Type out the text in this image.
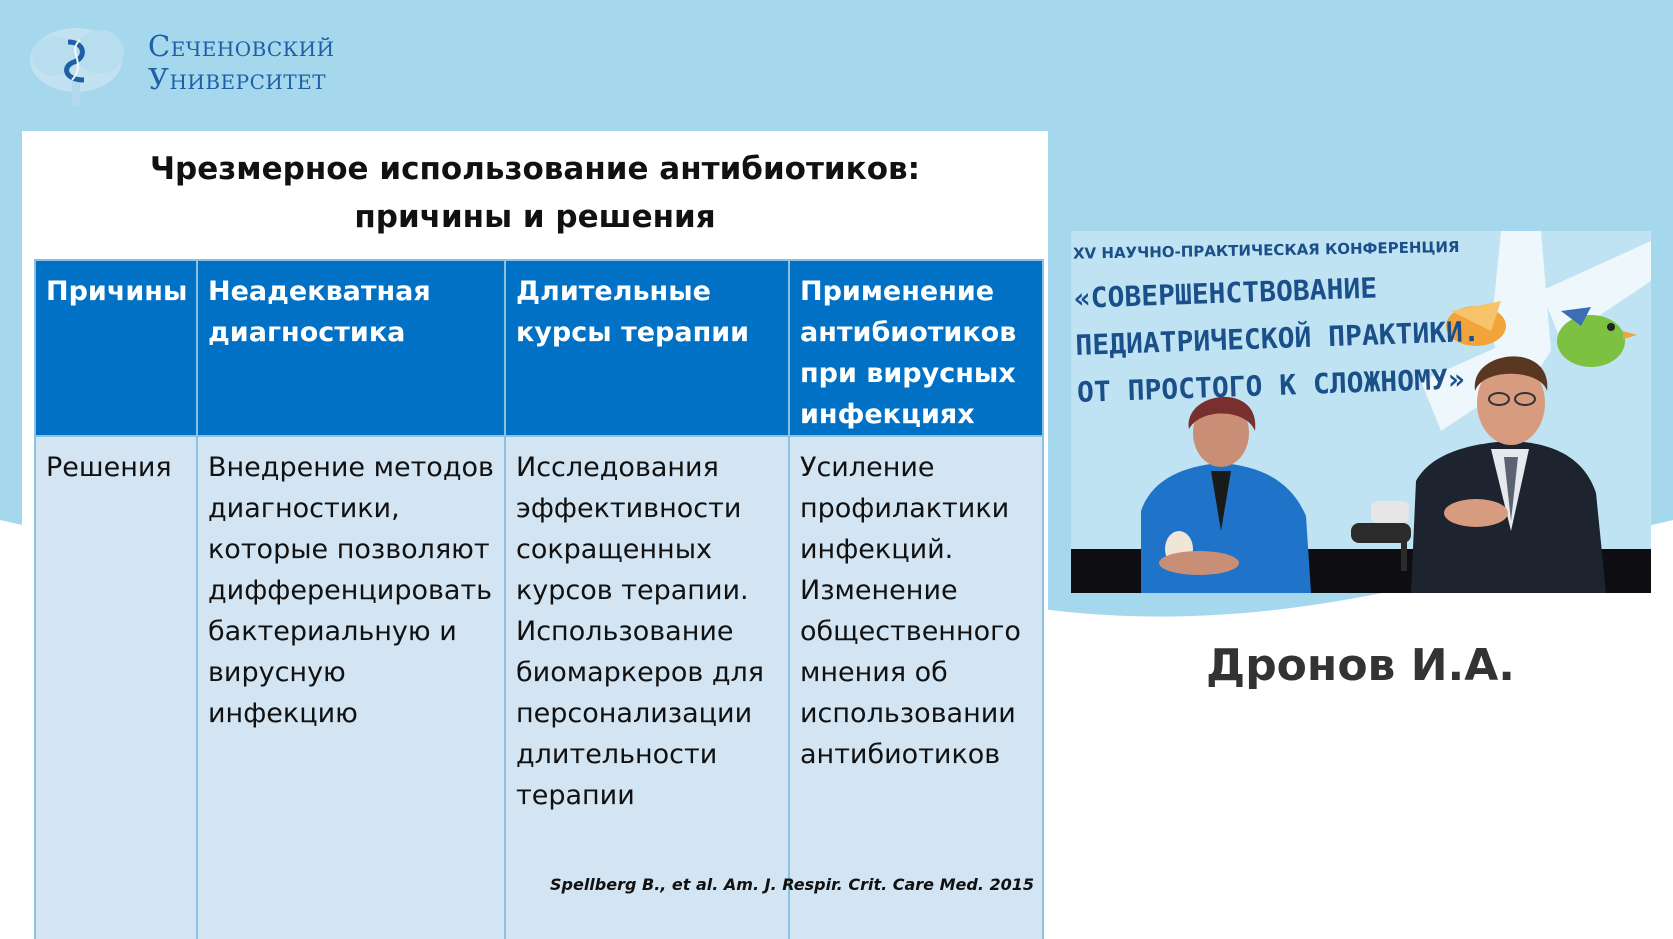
Сеченовский
Университет
Чрезмерное использование антибиотиков:
причины и решения
Причины	Неадекватная диагностика	Длительные курсы терапии	Применение антибиотиков при вирусных инфекциях
Решения	Внедрение методов диагностики, которые позволяют дифференцировать бактериальную и вирусную инфекцию	Исследования эффективности сокращенных курсов терапии. Использование биомаркеров для персонализации длительности терапии	Усиление профилактики инфекций. Изменение общественного мнения об использовании антибиотиков
Spellberg B., et al. Am. J. Respir. Crit. Care Med. 2015
XV НАУЧНО-ПРАКТИЧЕСКАЯ КОНФЕРЕНЦИЯ
«СОВЕРШЕНСТВОВАНИЕ
ПЕДИАТРИЧЕСКОЙ ПРАКТИКИ.
ОТ ПРОСТОГО К СЛОЖНОМУ»
Дронов И.А.
